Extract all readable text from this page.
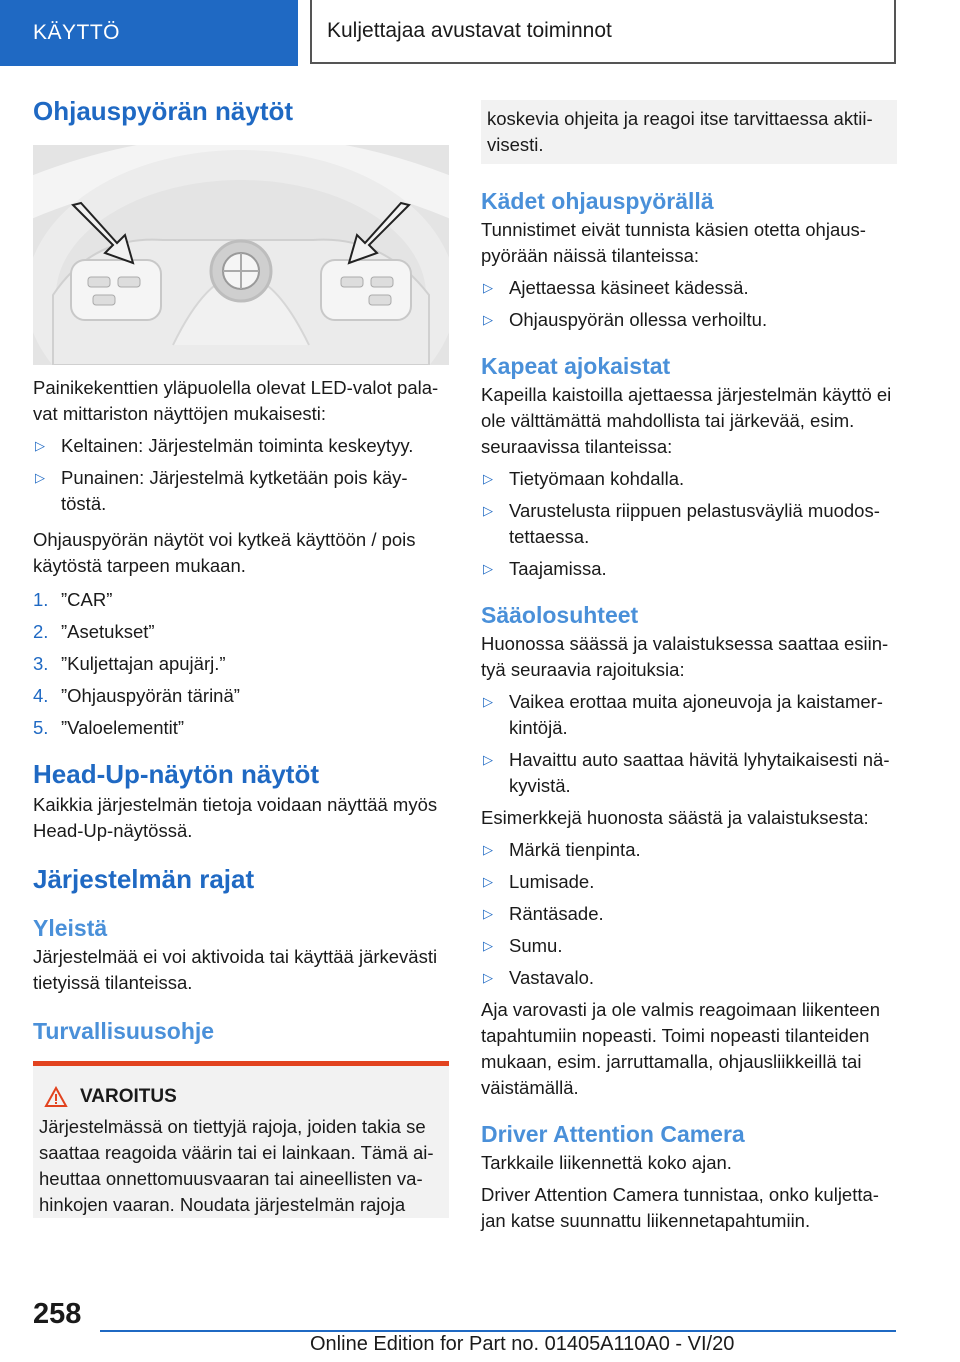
KÄYTTÖ	Kuljettajaa avustavat toiminnot
Ohjauspyörän näytöt

Painikekenttien yläpuolella olevat LED-valot pala-vat mittariston näyttöjen mukaisesti:

▷ Keltainen: Järjestelmän toiminta keskeytyy.
▷ Punainen: Järjestelmä kytketään pois käy-töstä.

Ohjauspyörän näytöt voi kytkeä käyttöön / pois käytöstä tarpeen mukaan.

1. ”CAR”
2. ”Asetukset”
3. ”Kuljettajan apujärj.”
4. ”Ohjauspyörän tärinä”
5. ”Valoelementit”
Head-Up-näytön näytöt

Kaikkia järjestelmän tietoja voidaan näyttää myös Head-Up-näytössä.

Järjestelmän rajat
Yleistä

Järjestelmää ei voi aktivoida tai käyttää järkevästi tietyissä tilanteissa.

Turvallisuusohje
VAROITUS

Järjestelmässä on tiettyjä rajoja, joiden takia se saattaa reagoida väärin tai ei lainkaan. Tämä ai-heuttaa onnettomuusvaaran tai aineellisten va-hinkojen vaaran. Noudata järjestelmän rajoja

koskevia ohjeita ja reagoi itse tarvittaessa aktii-visesti.

Kädet ohjauspyörällä

Tunnistimet eivät tunnista käsien otetta ohjaus-pyörään näissä tilanteissa:

▷ Ajettaessa käsineet kädessä.
▷ Ohjauspyörän ollessa verhoiltu.
Kapeat ajokaistat

Kapeilla kaistoilla ajettaessa järjestelmän käyttö ei ole välttämättä mahdollista tai järkevää, esim. seuraavissa tilanteissa:

▷ Tietyömaan kohdalla.
▷ Varustelusta riippuen pelastusväyliä muodos-tettaessa.
▷ Taajamissa.
Sääolosuhteet

Huonossa säässä ja valaistuksessa saattaa esiin-tyä seuraavia rajoituksia:

▷ Vaikea erottaa muita ajoneuvoja ja kaistamer-kintöjä.
▷ Havaittu auto saattaa hävitä lyhytaikaisesti nä-kyvistä.

Esimerkkejä huonosta säästä ja valaistuksesta:

▷ Märkä tienpinta.
▷ Lumisade.
▷ Räntäsade.
▷ Sumu.
▷ Vastavalo.

Aja varovasti ja ole valmis reagoimaan liikenteen tapahtumiin nopeasti. Toimi nopeasti tilanteiden mukaan, esim. jarruttamalla, ohjausliikkeillä tai väistämällä.

Driver Attention Camera

Tarkkaile liikennettä koko ajan.

Driver Attention Camera tunnistaa, onko kuljetta-jan katse suunnattu liikennetapahtumiin.

258
Online Edition for Part no. 01405A110A0 - VI/20
